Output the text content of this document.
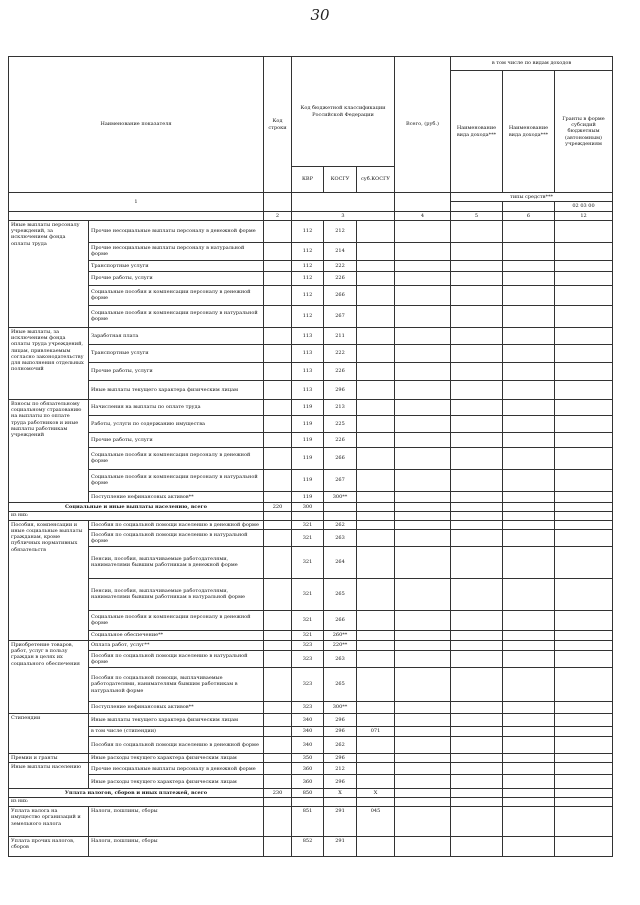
30
Наименование показателя		Код строки	Код бюджетной классификации Российской Федерации			Всего, (руб.)	в том числе по видам доходов		
							Наименование вида дохода***	Наименование вида дохода***	Гранты в форме субсидий бюджетным (автономным) учреждениям
			КВР	КОСГУ	суб.КОСГУ				
1							типы средств***		
									02 03 00
		2	3			4	5	6	12
Иные выплаты персоналу учреждений, за исключением фонда оплаты труда	Прочие несоциальные выплаты персоналу в денежной форме		112	212					
	Прочие несоциальные выплаты персоналу в натуральной форме		112	214					
	Транспортные услуги		112	222					
	Прочие работы, услуги		112	226					
	Социальные пособия и компенсации персоналу в денежной форме		112	266					
	Социальные пособия и компенсации персоналу в натуральной форме		112	267					
Иные выплаты, за исключением фонда оплаты труда учреждений, лицам, привлекаемым согласно законодательству для выполнения отдельных полномочий	Заработная плата		113	211					
	Транспортные услуги		113	222					
	Прочие работы, услуги		113	226					
	Иные выплаты текущего характера физическим лицам		113	296					
Взносы по обязательному социальному страхованию на выплаты по оплате труда работников и иные выплаты работникам учреждений	Начисления на выплаты по оплате труда		119	213					
	Работы, услуги по содержанию имущества		119	225					
	Прочие работы, услуги		119	226					
	Социальные пособия и компенсация персоналу в денежной форме		119	266					
	Социальные пособия и компенсации персоналу в натуральной форме		119	267					
	Поступление нефинансовых активов**		119	300**					
Социальные и иные выплаты населению, всего		220	300						
из них:									
Пособия, компенсации и иные социальные выплаты гражданам, кроме публичных нормативных обязательств	Пособия по социальной помощи населению в денежной форме		321	262					
	Пособия по социальной помощи населению в натуральной форме		321	263					
	Пенсии, пособия, выплачиваемые работодателями, нанимателями бывшим работникам в денежной форме		321	264					
	Пенсии, пособия, выплачиваемые работодателями, нанимателями бывшим работникам в натуральной форме		321	265					
	Социальные пособия и компенсации персоналу в денежной форме		321	266					
	Социальное обеспечение**		321	260**					
Приобретение товаров, работ, услуг в пользу граждан в целях их социального обеспечения	Оплата работ, услуг**		323	220**					
	Пособия по социальной помощи населению в натуральной форме		323	263					
	Пособия по социальной помощи, выплачиваемые работодателями, нанимателями бывшим работникам в натуральной форме		323	265					
	Поступление нефинансовых активов**		323	300**					
Стипендии	Иные выплаты текущего характера физическим лицам		340	296					
	в том числе (стипендии)		340	296	071				
	Пособия по социальной помощи населению в денежной форме		340	262					
Премии и гранты	Иные расходы текущего характера физическим лицам		350	296					
Иные выплаты населению	Прочие несоциальные выплаты персоналу в денежной форме		360	212					
	Иные расходы текущего характера физическим лицам		360	296					
Уплата налогов, сборов и иных платежей, всего		230	850	X	X				
из них:									
Уплата налога на имущество организаций и земельного налога	Налоги, пошлины, сборы		851	291	045				
Уплата прочих налогов, сборов	Налоги, пошлины, сборы		852	291					
